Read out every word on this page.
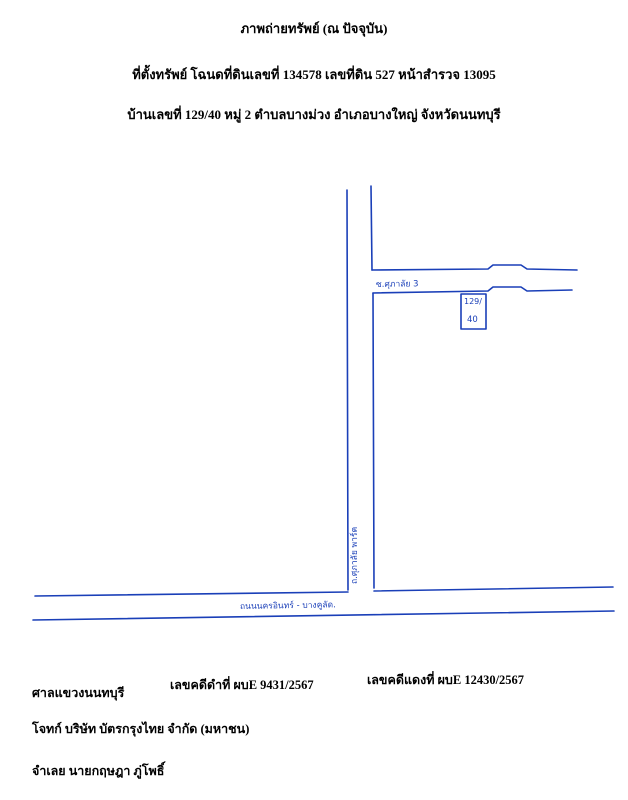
ภาพถ่ายทรัพย์ (ณ ปัจจุบัน)
ที่ตั้งทรัพย์ โฉนดที่ดินเลขที่ 134578 เลขที่ดิน 527 หน้าสำรวจ 13095
บ้านเลขที่ 129/40 หมู่ 2 ตำบลบางม่วง อำเภอบางใหญ่ จังหวัดนนทบุรี
ซ.ศุภาลัย 3
129/
40
ถ.ศุภาลัย พาร์ค
ถนนนครอินทร์ - บางคูลัด.
ศาลแขวงนนทบุรี
เลขคดีดำที่ ผบE 9431/2567	เลขคดีแดงที่ ผบE 12430/2567
โจทก์ บริษัท บัตรกรุงไทย จำกัด (มหาชน)
จำเลย นายกฤษฎา ภู่โพธิ์
